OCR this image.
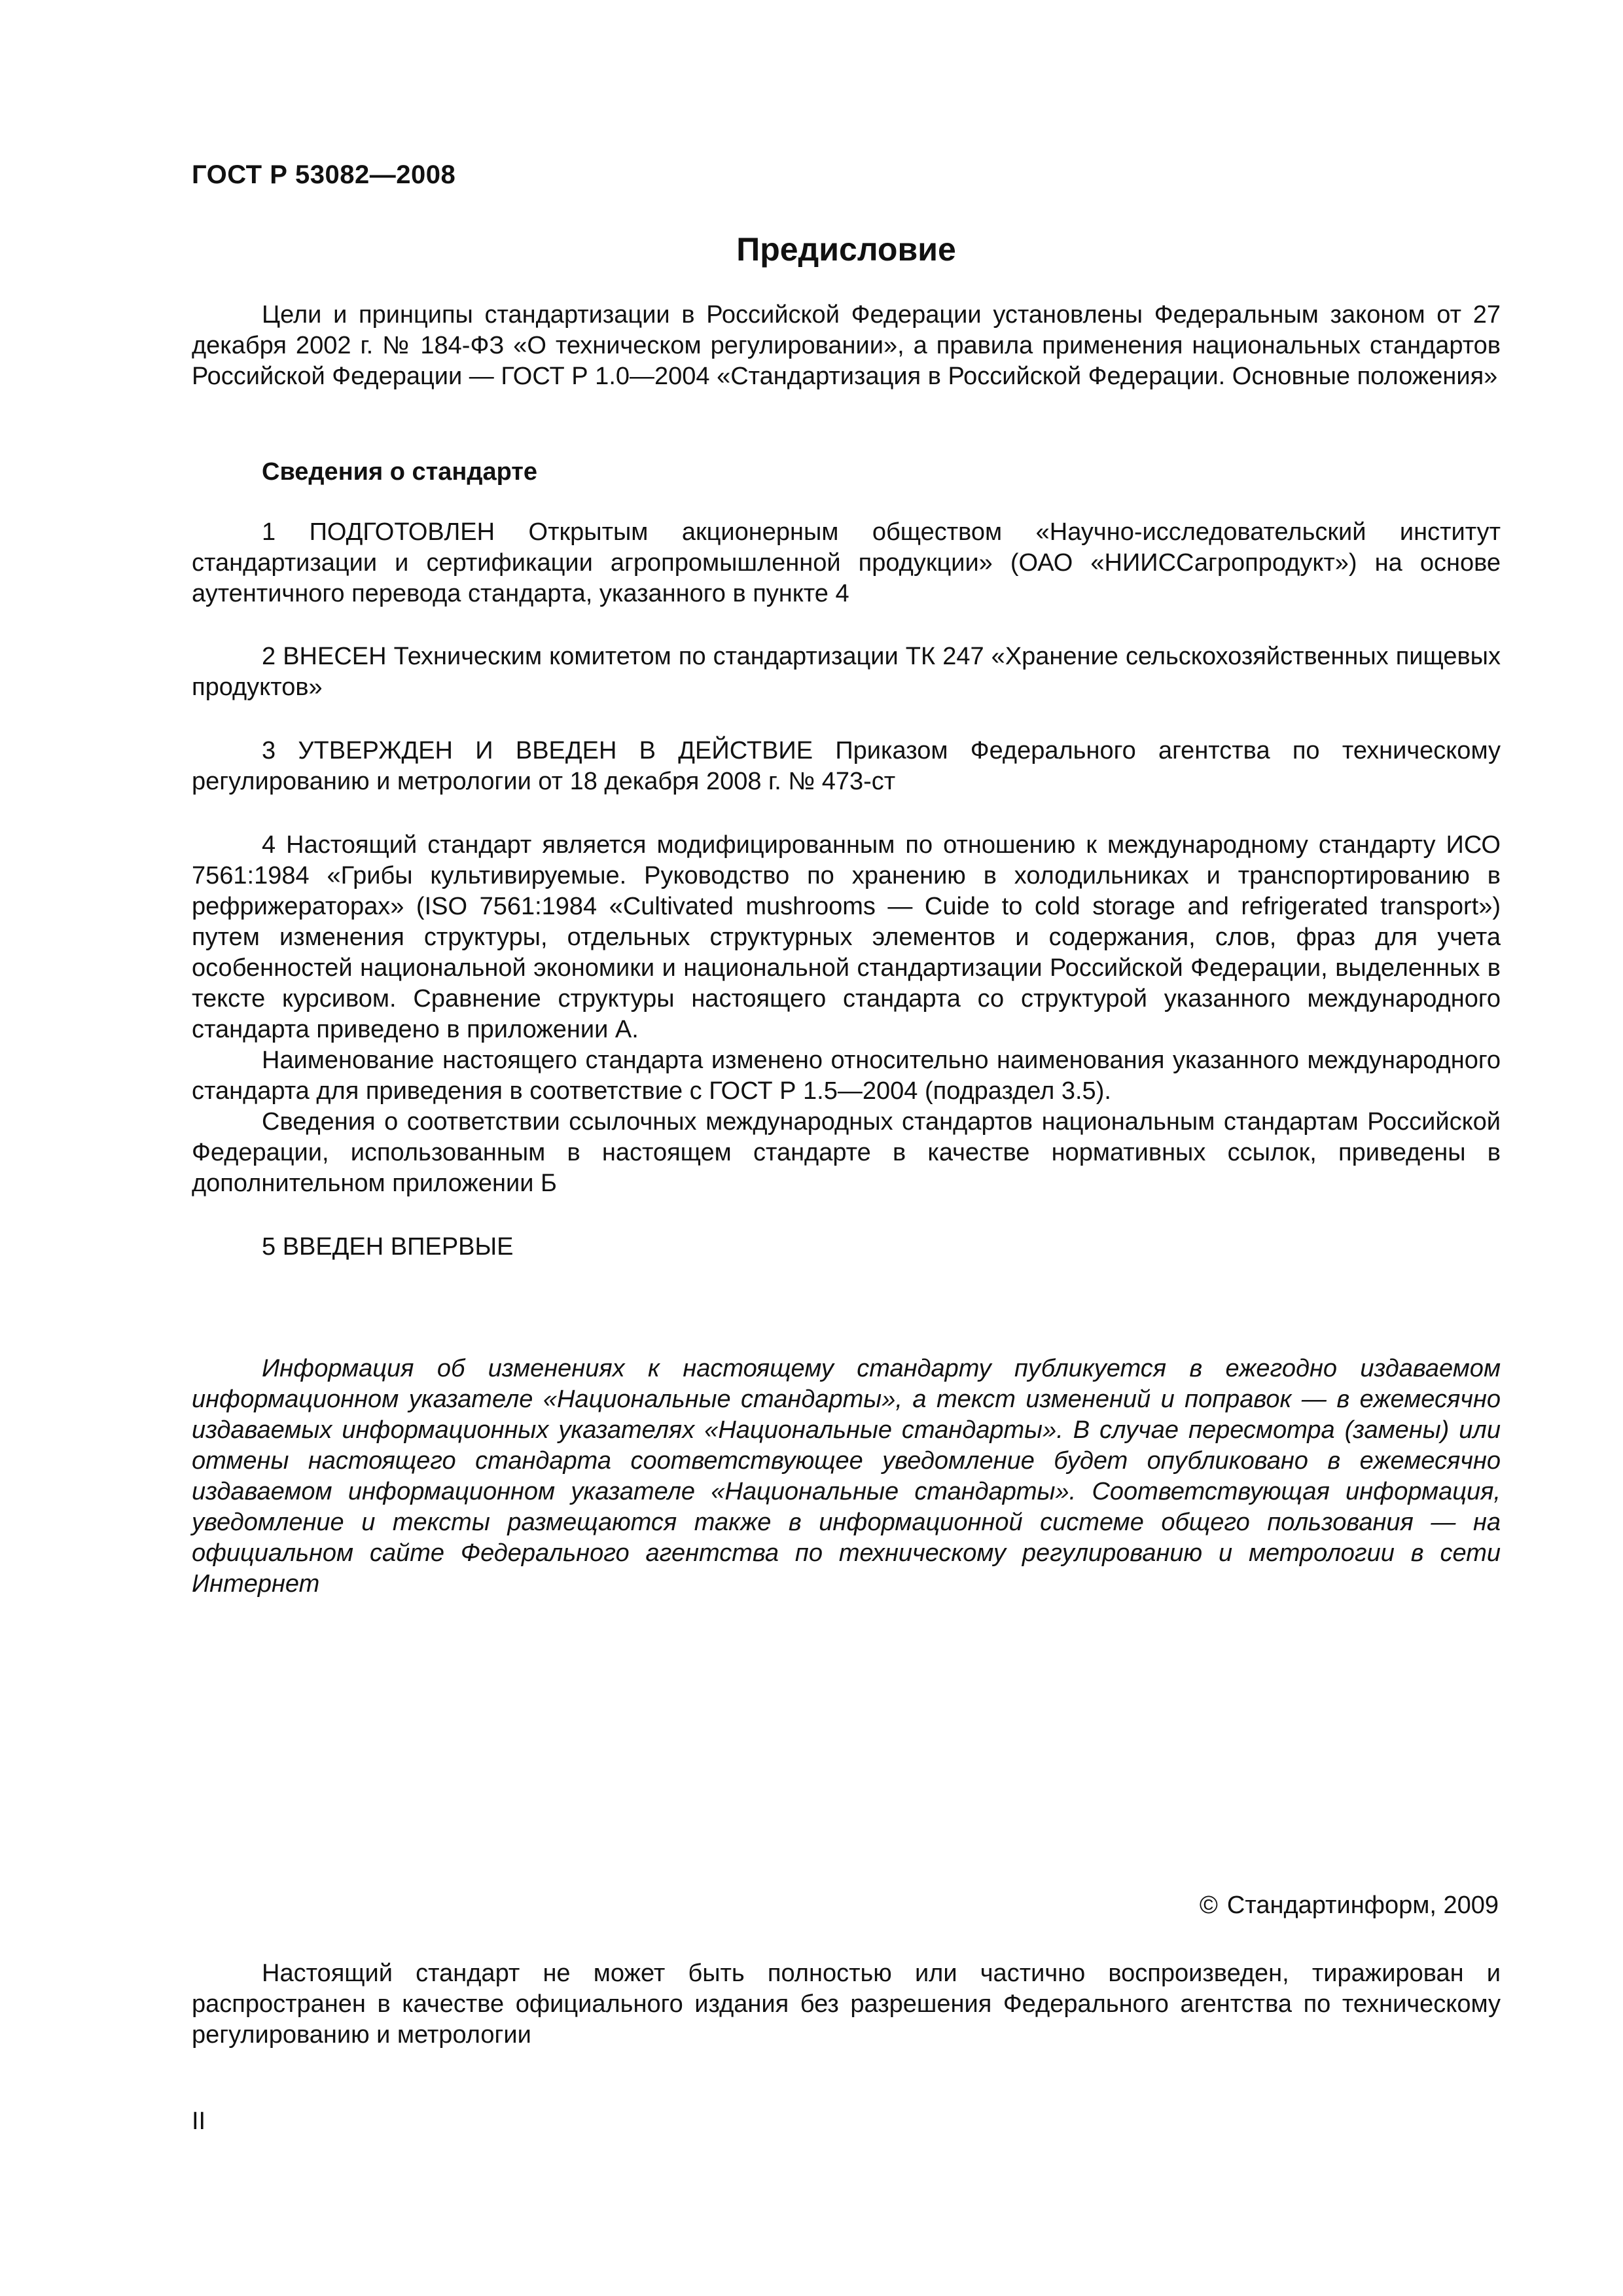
ГОСТ Р 53082—2008
Предисловие

Цели и принципы стандартизации в Российской Федерации установлены Федеральным законом от 27 декабря 2002 г. № 184-ФЗ «О техническом регулировании», а правила применения национальных стандартов Российской Федерации — ГОСТ Р 1.0—2004 «Стандартизация в Российской Федерации. Основные положения»

Сведения о стандарте

1 ПОДГОТОВЛЕН Открытым акционерным обществом «Научно-исследовательский институт стандартизации и сертификации агропромышленной продукции» (ОАО «НИИССагропродукт») на основе аутентичного перевода стандарта, указанного в пункте 4

2 ВНЕСЕН Техническим комитетом по стандартизации ТК 247 «Хранение сельскохозяйственных пищевых продуктов»

3 УТВЕРЖДЕН И ВВЕДЕН В ДЕЙСТВИЕ Приказом Федерального агентства по техническому регулированию и метрологии от 18 декабря 2008 г. № 473-ст

4 Настоящий стандарт является модифицированным по отношению к международному стандарту ИСО 7561:1984 «Грибы культивируемые. Руководство по хранению в холодильниках и транспортированию в рефрижераторах» (ISO 7561:1984 «Cultivated mushrooms — Cuide to cold storage and refrigerated transport») путем изменения структуры, отдельных структурных элементов и содержания, слов, фраз для учета особенностей национальной экономики и национальной стандартизации Российской Федерации, выделенных в тексте курсивом. Сравнение структуры настоящего стандарта со структурой указанного международного стандарта приведено в приложении А.

Наименование настоящего стандарта изменено относительно наименования указанного международного стандарта для приведения в соответствие с ГОСТ Р 1.5—2004 (подраздел 3.5).

Сведения о соответствии ссылочных международных стандартов национальным стандартам Российской Федерации, использованным в настоящем стандарте в качестве нормативных ссылок, приведены в дополнительном приложении Б

5 ВВЕДЕН ВПЕРВЫЕ

Информация об изменениях к настоящему стандарту публикуется в ежегодно издаваемом информационном указателе «Национальные стандарты», а текст изменений и поправок — в ежемесячно издаваемых информационных указателях «Национальные стандарты». В случае пересмотра (замены) или отмены настоящего стандарта соответствующее уведомление будет опубликовано в ежемесячно издаваемом информационном указателе «Национальные стандарты». Соответствующая информация, уведомление и тексты размещаются также в информационной системе общего пользования — на официальном сайте Федерального агентства по техническому регулированию и метрологии в сети Интернет
© Стандартинформ, 2009
Настоящий стандарт не может быть полностью или частично воспроизведен, тиражирован и распространен в качестве официального издания без разрешения Федерального агентства по техническому регулированию и метрологии
II
